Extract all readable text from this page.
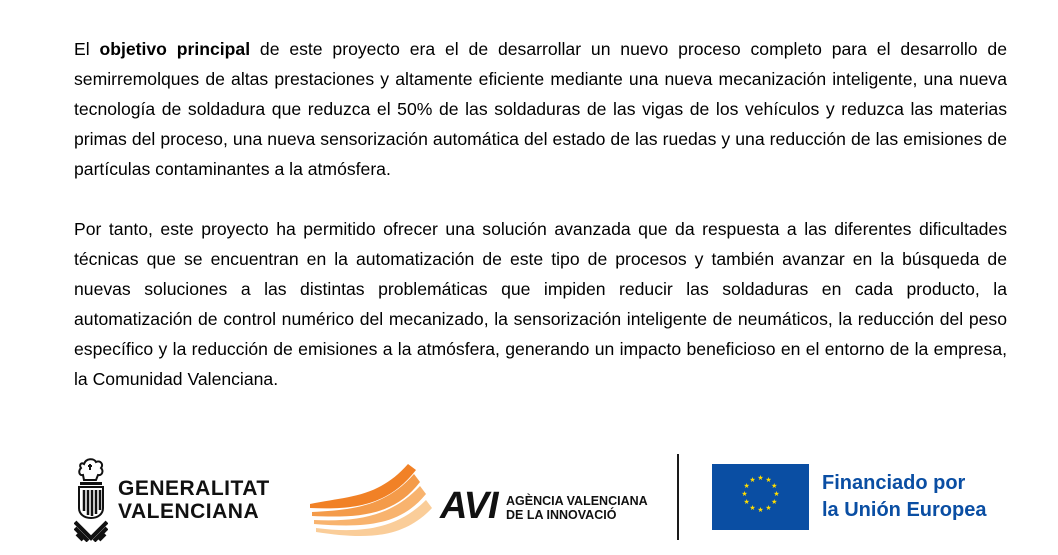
El objetivo principal de este proyecto era el de desarrollar un nuevo proceso completo para el desarrollo de semirremolques de altas prestaciones y altamente eficiente mediante una nueva mecanización inteligente, una nueva tecnología de soldadura que reduzca el 50% de las soldaduras de las vigas de los vehículos y reduzca las materias primas del proceso, una nueva sensorización automática del estado de las ruedas y una reducción de las emisiones de partículas contaminantes a la atmósfera.

Por tanto, este proyecto ha permitido ofrecer una solución avanzada que da respuesta a las diferentes dificultades técnicas que se encuentran en la automatización de este tipo de procesos y también avanzar en la búsqueda de nuevas soluciones a las distintas problemáticas que impiden reducir las soldaduras en cada producto, la automatización de control numérico del mecanizado, la sensorización inteligente de neumáticos, la reducción del peso específico y la reducción de emisiones a la atmósfera, generando un impacto beneficioso en el entorno de la empresa, la Comunidad Valenciana.

GENERALITAT
VALENCIANA	AVI AGÈNCIA VALENCIANA
DE LA INNOVACIÓ
★ ★
★
★
★
★
★
★
★
★
★
★	Financiado por
la Unión Europea
